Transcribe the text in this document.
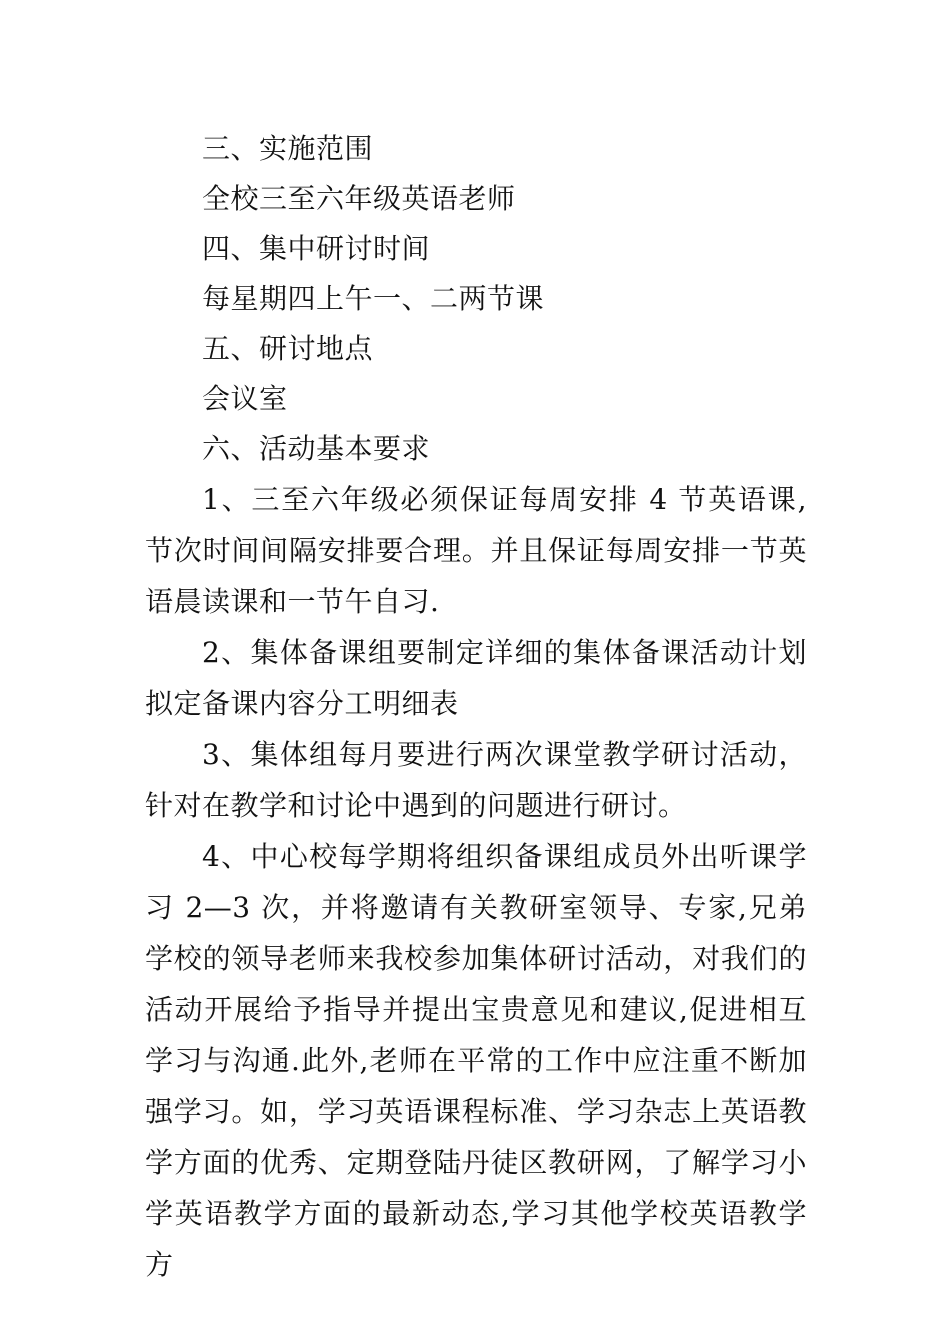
三、实施范围

全校三至六年级英语老师

四、集中研讨时间

每星期四上午一、二两节课

五、研讨地点

会议室

六、活动基本要求

1、三至六年级必须保证每周安排 4 节英语课,节次时间间隔安排要合理。并且保证每周安排一节英语晨读课和一节午自习.

2、集体备课组要制定详细的集体备课活动计划拟定备课内容分工明细表

3、集体组每月要进行两次课堂教学研讨活动，针对在教学和讨论中遇到的问题进行研讨。

4、中心校每学期将组织备课组成员外出听课学习 2—3 次，并将邀请有关教研室领导、专家,兄弟学校的领导老师来我校参加集体研讨活动，对我们的活动开展给予指导并提出宝贵意见和建议,促进相互学习与沟通.此外,老师在平常的工作中应注重不断加强学习。如，学习英语课程标准、学习杂志上英语教学方面的优秀、定期登陆丹徒区教研网，了解学习小学英语教学方面的最新动态,学习其他学校英语教学方
